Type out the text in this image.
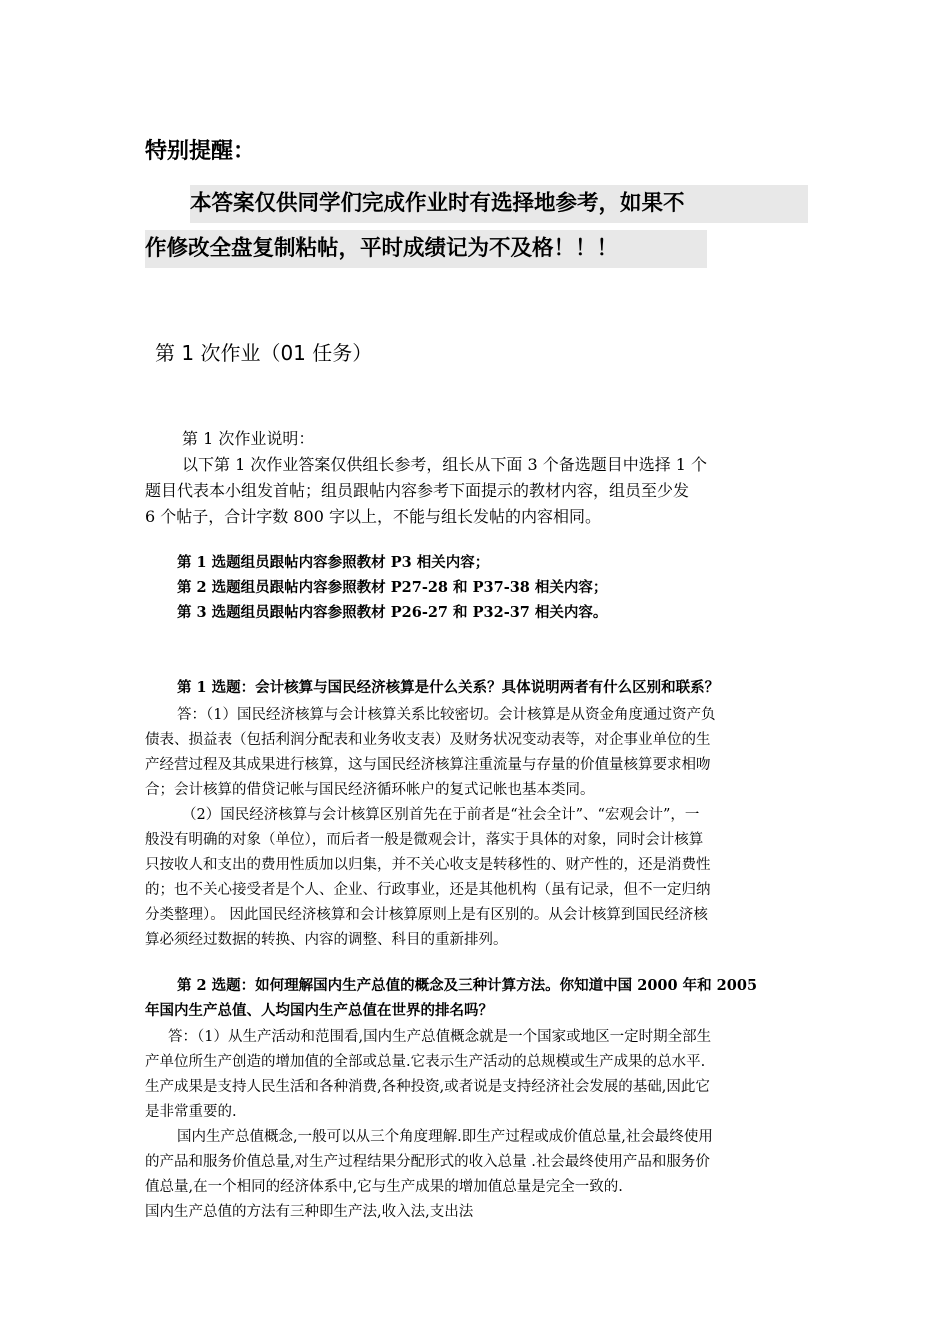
特别提醒：
本答案仅供同学们完成作业时有选择地参考，如果不
作修改全盘复制粘帖，平时成绩记为不及格！！！
第 1 次作业（01 任务）
第 1 次作业说明：
以下第 1 次作业答案仅供组长参考，组长从下面 3 个备选题目中选择 1 个
题目代表本小组发首帖；组员跟帖内容参考下面提示的教材内容，组员至少发
6 个帖子，合计字数 800 字以上，不能与组长发帖的内容相同。
第 1 选题组员跟帖内容参照教材 P3 相关内容；
第 2 选题组员跟帖内容参照教材 P27-28 和 P37-38 相关内容；
第 3 选题组员跟帖内容参照教材 P26-27 和 P32-37 相关内容。
第 1 选题：会计核算与国民经济核算是什么关系？具体说明两者有什么区别和联系？
答：（1）国民经济核算与会计核算关系比较密切。会计核算是从资金角度通过资产负
债表、损益表（包括利润分配表和业务收支表）及财务状况变动表等，对企事业单位的生
产经营过程及其成果进行核算，这与国民经济核算注重流量与存量的价值量核算要求相吻
合；会计核算的借贷记帐与国民经济循环帐户的复式记帐也基本类同。
（2）国民经济核算与会计核算区别首先在于前者是“社会全计”、“宏观会计”，一
般没有明确的对象（单位），而后者一般是微观会计，落实于具体的对象，同时会计核算
只按收人和支出的费用性质加以归集，并不关心收支是转移性的、财产性的，还是消费性
的；也不关心接受者是个人、企业、行政事业，还是其他机构（虽有记录，但不一定归纳
分类整理）。 因此国民经济核算和会计核算原则上是有区别的。从会计核算到国民经济核
算必须经过数据的转换、内容的调整、科目的重新排列。
第 2 选题：如何理解国内生产总值的概念及三种计算方法。你知道中国 2000 年和 2005
年国内生产总值、人均国内生产总值在世界的排名吗？
答：（1）从生产活动和范围看,国内生产总值概念就是一个国家或地区一定时期全部生
产单位所生产创造的增加值的全部或总量.它表示生产活动的总规模或生产成果的总水平.
生产成果是支持人民生活和各种消费,各种投资,或者说是支持经济社会发展的基础,因此它
是非常重要的.
国内生产总值概念,一般可以从三个角度理解.即生产过程或成价值总量,社会最终使用
的产品和服务价值总量,对生产过程结果分配形式的收入总量 .社会最终使用产品和服务价
值总量,在一个相同的经济体系中,它与生产成果的增加值总量是完全一致的.
国内生产总值的方法有三种即生产法,收入法,支出法
